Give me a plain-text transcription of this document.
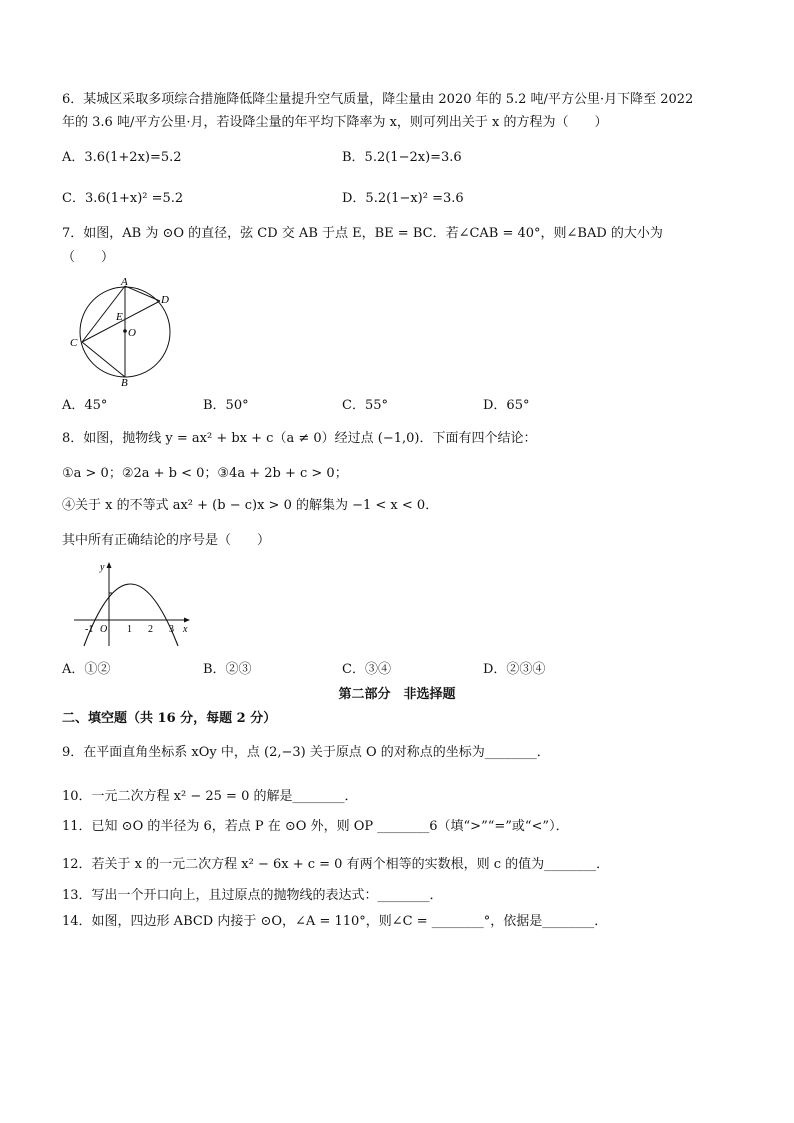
6．某城区采取多项综合措施降低降尘量提升空气质量，降尘量由 2020 年的 5.2 吨/平方公里·月下降至 2022
年的 3.6 吨/平方公里·月，若设降尘量的年平均下降率为 x，则可列出关于 x 的方程为（　　）
A．3.6(1+2x)=5.2	B．5.2(1−2x)=3.6
C．3.6(1+x)² =5.2	D．5.2(1−x)² =3.6
7．如图，AB 为 ⊙O 的直径，弦 CD 交 AB 于点 E，BE = BC．若∠CAB = 40°，则∠BAD 的大小为
（　　）
A
D
E
O
C
B
A．45°	B．50°	C．55°	D．65°
8．如图，抛物线 y = ax² + bx + c（a ≠ 0）经过点 (−1,0)．下面有四个结论：
①a > 0；②2a + b < 0；③4a + 2b + c > 0；
④关于 x 的不等式 ax² + (b − c)x > 0 的解集为 −1 < x < 0．
其中所有正确结论的序号是（　　）
y
-1 O 1 2 3 x
A．①②	B．②③	C．③④	D．②③④
第二部分　非选择题
二、填空题（共 16 分，每题 2 分）
9．在平面直角坐标系 xOy 中，点 (2,−3) 关于原点 O 的对称点的坐标为________．
10．一元二次方程 x² − 25 = 0 的解是________．
11．已知 ⊙O 的半径为 6，若点 P 在 ⊙O 外，则 OP ________6（填“>”“=”或“<”）．
12．若关于 x 的一元二次方程 x² − 6x + c = 0 有两个相等的实数根，则 c 的值为________．
13．写出一个开口向上，且过原点的抛物线的表达式：________．
14．如图，四边形 ABCD 内接于 ⊙O，∠A = 110°，则∠C = ________°，依据是________．
